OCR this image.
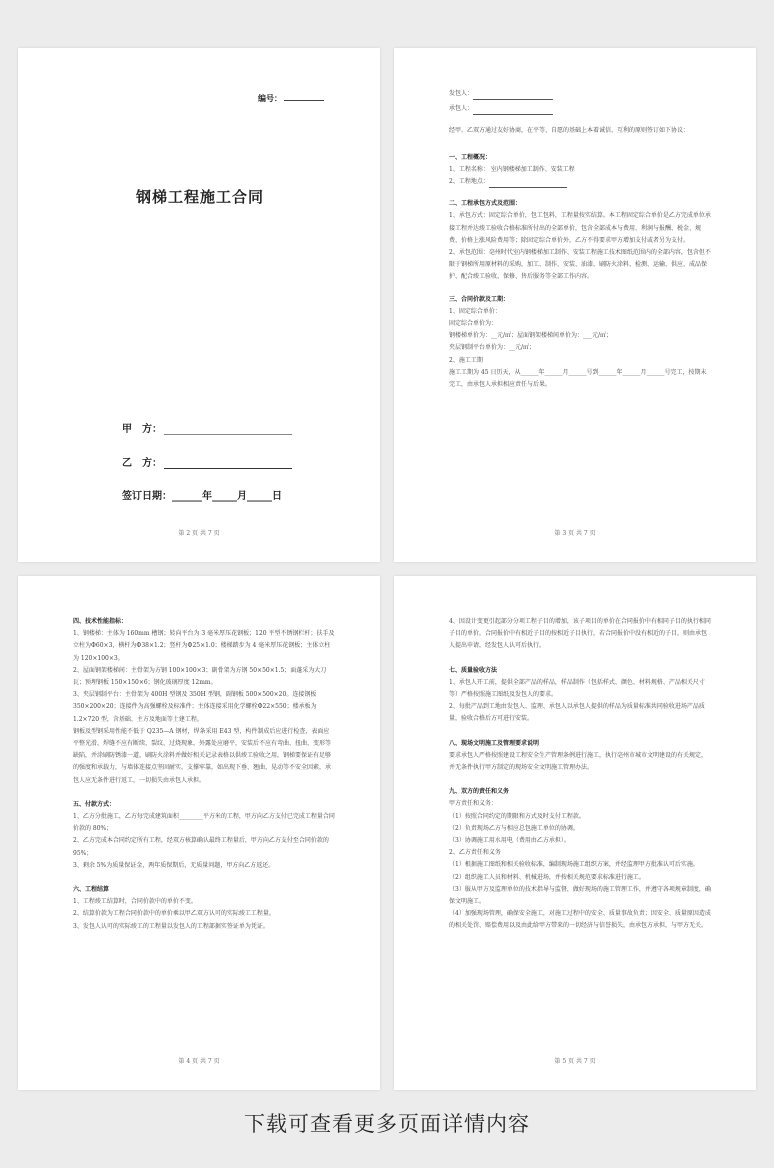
编号：
钢梯工程施工合同
甲　方：
乙　方：
签订日期：______年_____月_____日
第 2 页 共 7 页

发包人：

承包人：

经甲、乙双方通过友好协商，在平等、自愿的基础上本着诚信、互利的原则签订如下协议：

一、工程概况：

1、工程名称： 室内钢楼梯加工制作、安装工程

2、工程地点：

二、工程承包方式及范围：

1、承包方式：固定综合单价，包工包料，工程量按实结算。本工程固定综合单价是乙方完成单位承接工程并达竣工验收合格标准所付出的全部单价，包含全部成本与费用、利润与报酬、税金、规费、价格上涨风险费用等；除固定综合单价外，乙方不得要求甲方增加支付或者另为支付。

2、承包范围：亳州时代室内钢楼梯加工制作、安装工程施工技术图纸范围内的全部内容，包含但不限于钢梯所用原材料的采购，加工、制作、安装、油漆、刷防火涂料、检测、运输、供应、成品保护、配合竣工验收、保修、售后服务等全部工作内容。

三、合同价款及工期：

1、固定综合单价：

固定综合单价为：

钢楼梯单价为：__元/㎡；屋面钢架楼梯间单价为：___元/㎡；

夹层钢制平台单价为：__元/㎡；

2、施工工期

施工工期为 45 日历天，从______年______月______号到______年______月______号完工，按期未完工，由承包人承担相应责任与后果。

第 3 页 共 7 页

四、技术性能指标：

1、钢楼梯：主体为 160mm 槽钢；转向平台为 3 毫米厚压花钢板；120 平型不锈钢栏杆；扶手及立柱为Φ60×3，横杆为Φ38×1.2；竖杆为Φ25×1.0；楼梯踏步为 4 毫米厚压花钢板；主体立柱为 120×100×3。

2、屋面钢架楼梯间：主骨架为方钢 100×100×3；副骨架为方钢 50×50×1.5；面蓬采为大刀瓦；预埋钢板 150×150×6；钢化玻璃厚度 12mm。

3、夹层钢制平台：主骨架为 400H 型钢及 350H 型钢，副钢板 500×500×20。连接钢板 350×200×20；连接件为高强螺栓及标准件；主体连接采用化学螺栓Φ22×550；楼承板为 1.2×720 型，含基础、主方及地面等土建工程。

钢板及型钢采用性能不低于 Q235—A 钢材，焊条采用 E43 型，构件制成后应进行检查，表面应平整光滑，焊缝不应有断续、裂纹、过烧现象，外露处应磨平，安装后不应有弯曲、扭曲、变形等缺陷，并涂刷防锈漆一道，刷防火涂料并做好相关记录表格以供竣工验收之用，钢梯要保证有足够的强度和承载力，与墙体连接点坚固耐实，支撑牢靠，如出现下垂、翘曲、晃动等不安全因素，承包人应无条件进行返工，一切损失由承包人承担。

五、付款方式：

1、乙方分批施工，乙方每完成建筑面积________平方米的工程，甲方向乙方支付已完成工程量合同价款的 80%；

2、乙方完成本合同约定所有工程，经双方核算确认最终工程量后，甲方向乙方支付至合同价款的 95%；

3、剩余 5%为质量保证金，两年质保期后，无质量问题，甲方向乙方返还。

六、工程结算

1、工程竣工结算时，合同价款中的单价不变。

2、结算价款为工程合同价款中的单价乘以甲乙双方认可的实际竣工工程量。

3、发包人认可的实际竣工的工程量以发包人的工程部据实签证单为凭证。

第 4 页 共 7 页

4、因设计变更引起部分分项工程子目的增加，该子项目的单价在合同报价中有相同子目的执行相同子目的单价，合同报价中有相近子目的按相近子目执行，若合同报价中没有相近的子目，则由承包人提出申请，经发包人认可后执行。

七、质量验收方法

1、承包人开工前，提供全部产品的样品，样品制作（包括样式、颜色、材料规格、产品相关尺寸等）严格按照施工图纸及发包人的要求。

2、每批产品到工地由发包人、监理、承包人以承包人提供的样品为质量标准共同验收进场产品质量，验收合格后方可进行安装。

八、现场文明施工及管理要求说明

要求承包人严格按照建设工程安全生产管理条例进行施工，执行亳州市城市文明建设的有关规定，并无条件执行甲方制定的现场安全文明施工管理办法。

九、双方的责任和义务

甲方责任和义务：

（1）按照合同约定的期限和方式及时支付工程款。

（2）负责现场乙方与相应总包施工单位的协调。

（3）协调施工用水用电（费用由乙方承担）。

2、乙方责任和义务

（1）根据施工图纸和相关验收标准，编制现场施工组织方案，并经监理甲方批准认可后实施。

（2）组织施工人员和材料、机械进场，并按相关规范要求标准进行施工。

（3）服从甲方及监理单位的技术指导与监督，做好现场的施工管理工作，并遵守各项规章制度，确保文明施工。

（4）加强现场管理，确保安全施工，对施工过程中的安全、质量事故负责；因安全、质量原因造成的相关处罚、赔偿费用以及由此给甲方带来的一切经济与信誉损失，由承包方承担，与甲方无关。

第 5 页 共 7 页
下载可查看更多页面详情内容
